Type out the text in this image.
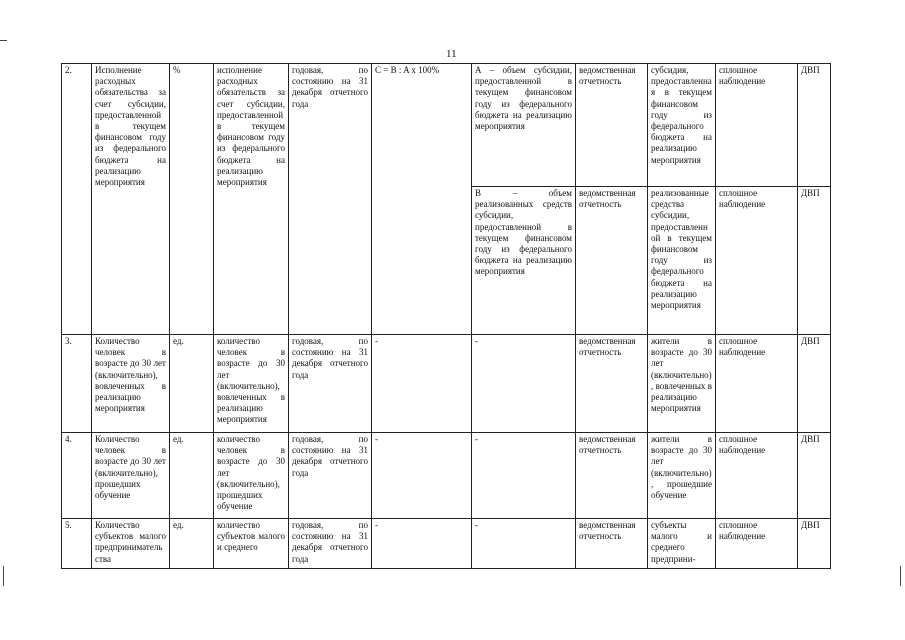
11
2.	Исполнение расходных обязательства за счет субсидии, предоставленной в текущем финансовом году из федерального бюджета на реализацию мероприятия	%	исполнение расходных обязательств за счет субсидии, предоставленной в текущем финансовом году из федерального бюджета на реализацию мероприятия	годовая, по состоянию на 31 декабря отчетного года	C = B : A x 100%	А – объем субсидии, предоставленной в текущем финансовом году из федерального бюджета на реализацию мероприятия	ведомственная отчетность	субсидия, предоставленная в текущем финансовом году из федерального бюджета на реализацию мероприятия	сплошное наблюдение	ДВП
						В – объем реализованных средств субсидии, предоставленной в текущем финансовом году из федерального бюджета на реализацию мероприятия	ведомственная отчетность	реализованные средства субсидии, предоставленной в текущем финансовом году из федерального бюджета на реализацию мероприятия	сплошное наблюдение	ДВП
3.	Количество человек в возрасте до 30 лет (включительно), вовлеченных в реализацию мероприятия	ед.	количество человек в возрасте до 30 лет (включительно), вовлеченных в реализацию мероприятия	годовая, по состоянию на 31 декабря отчетного года	-	-	ведомственная отчетность	жители в возрасте до 30 лет (включительно), вовлеченных в реализацию мероприятия	сплошное наблюдение	ДВП
4.	Количество человек в возрасте до 30 лет (включительно), прошедших обучение	ед.	количество человек в возрасте до 30 лет (включительно), прошедших обучение	годовая, по состоянию на 31 декабря отчетного года	-	-	ведомственная отчетность	жители в возрасте до 30 лет (включительно), прошедшие обучение	сплошное наблюдение	ДВП
5.	Количество субъектов малого предпринимательства	ед.	количество субъектов малого и среднего	годовая, по состоянию на 31 декабря отчетного года	-	-	ведомственная отчетность	субъекты малого и среднего предприни-	сплошное наблюдение	ДВП
